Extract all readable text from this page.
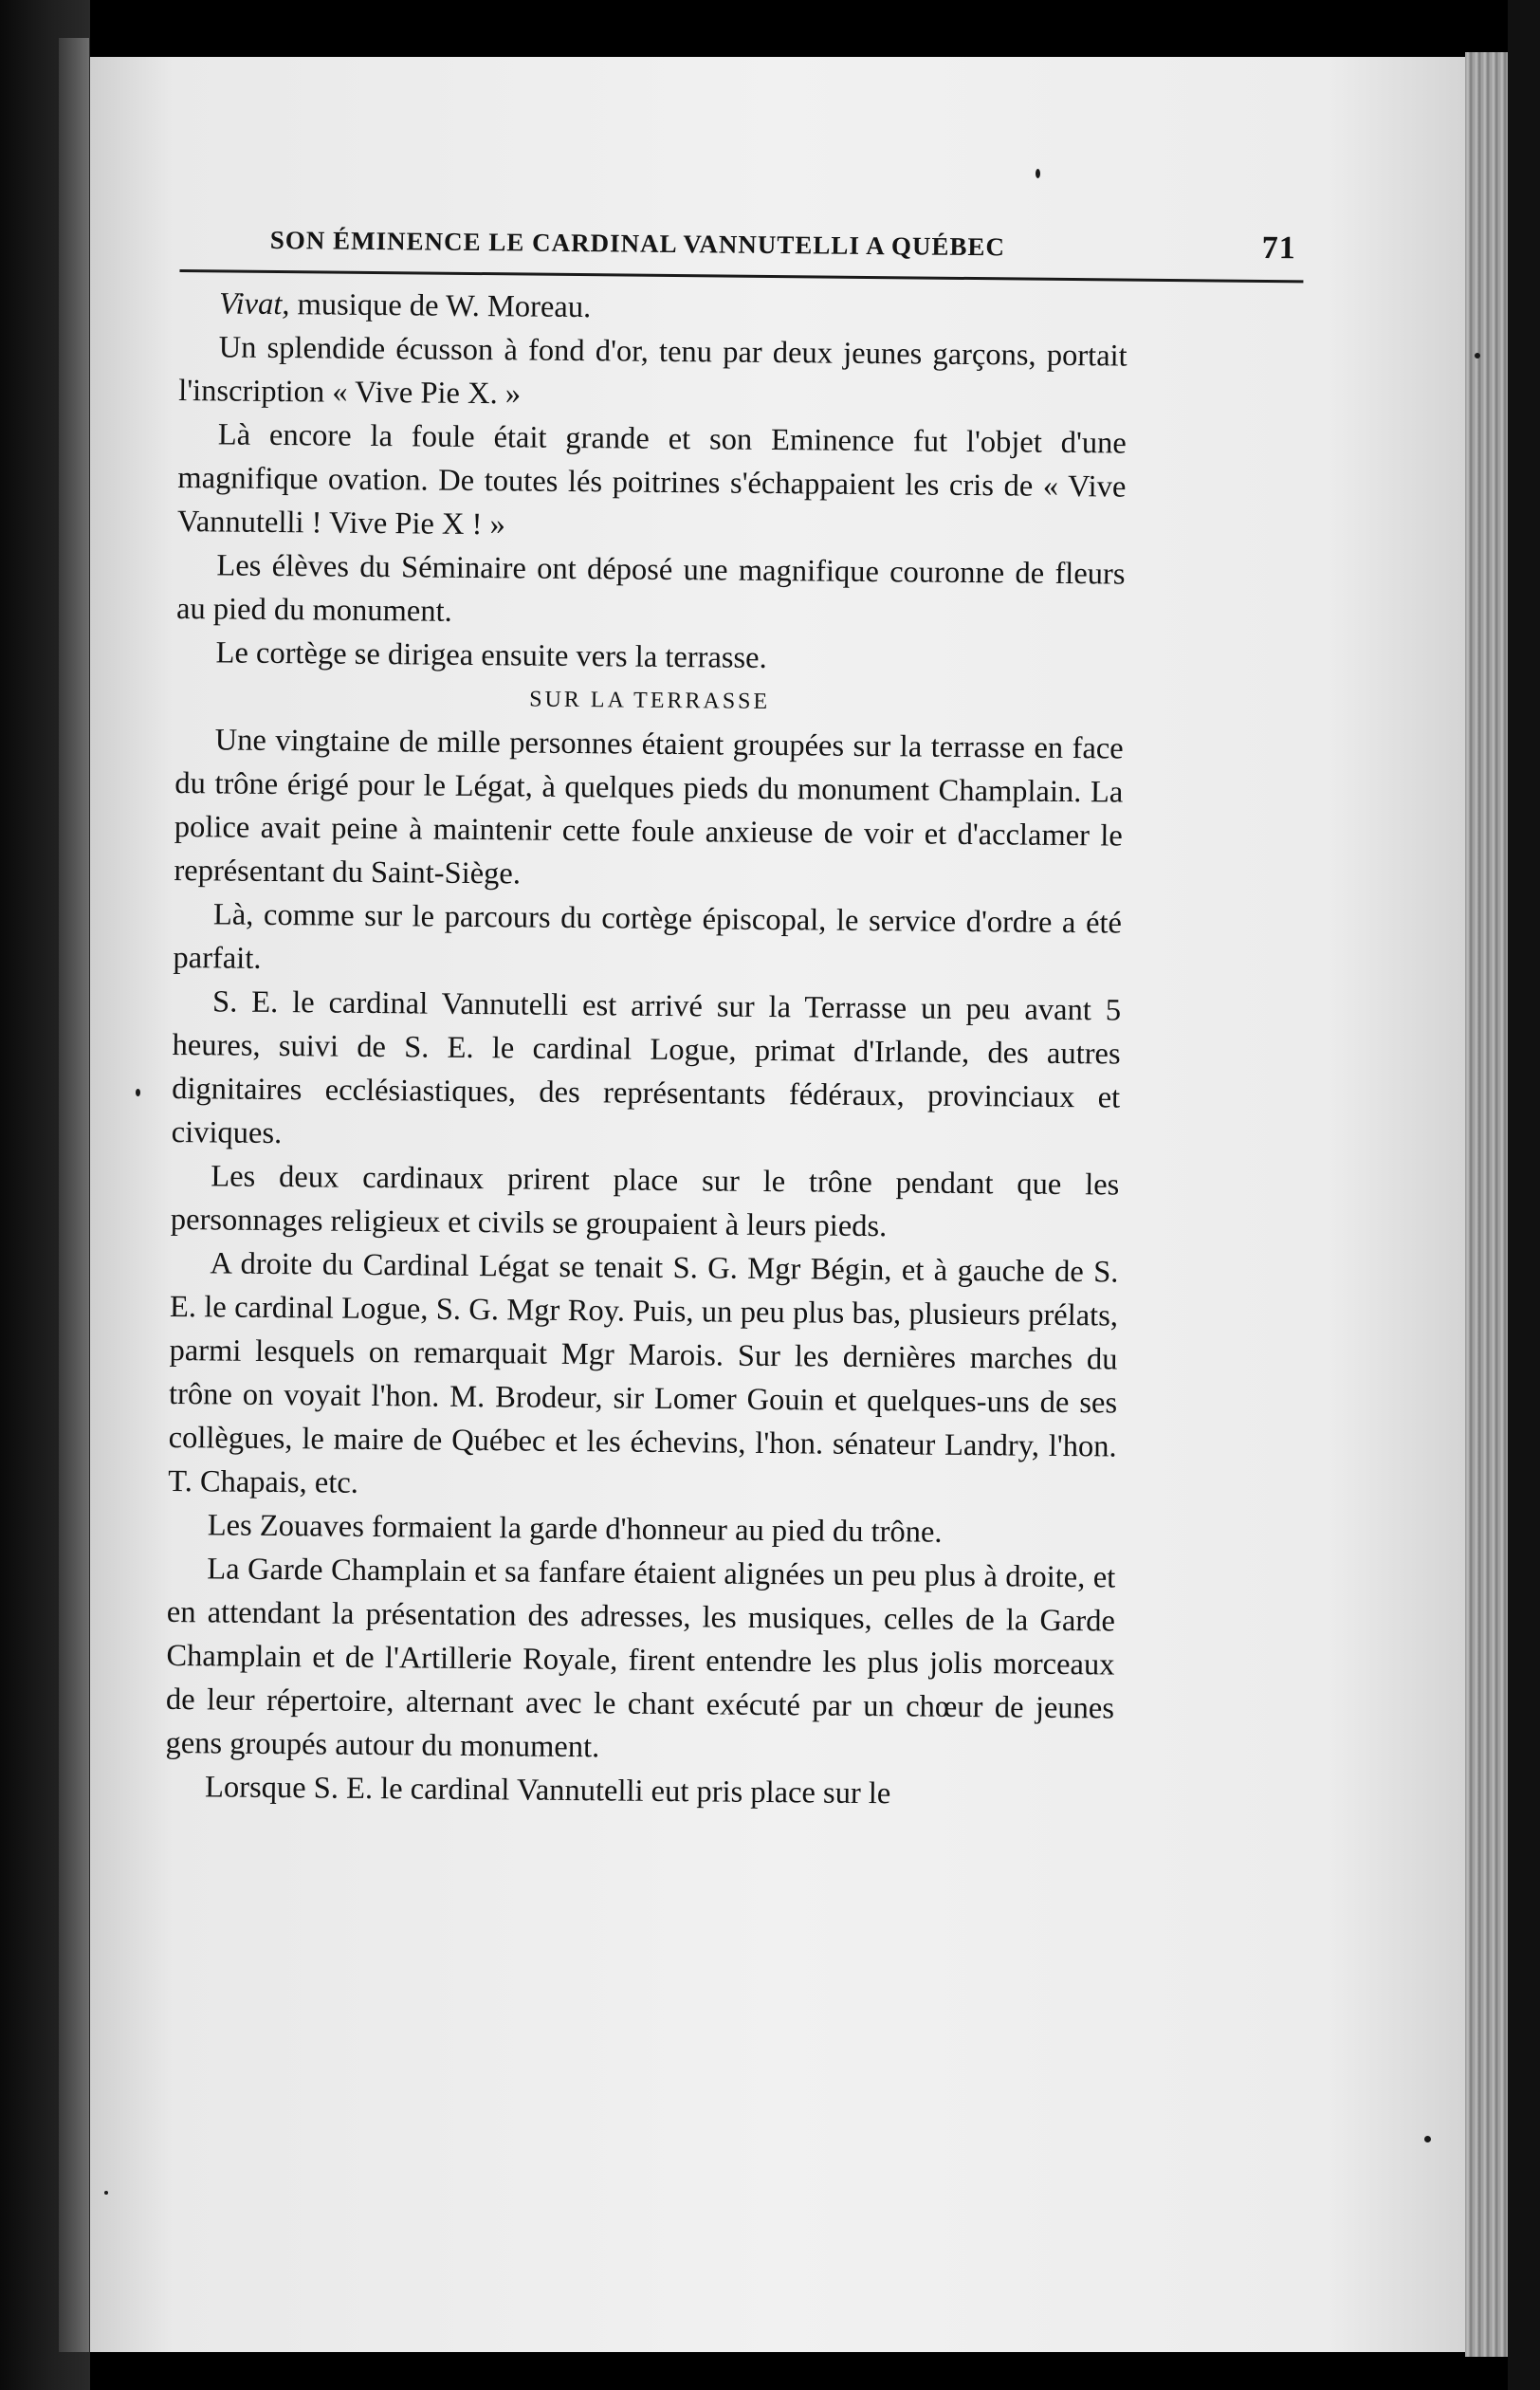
SON ÉMINENCE LE CARDINAL VANNUTELLI A QUÉBEC	71

Vivat, musique de W. Moreau.

Un splendide écusson à fond d'or, tenu par deux jeunes garçons, portait l'inscription « Vive Pie X. »

Là encore la foule était grande et son Eminence fut l'objet d'une magnifique ovation. De toutes lés poitrines s'échappaient les cris de « Vive Vannutelli ! Vive Pie X ! »

Les élèves du Séminaire ont déposé une magnifique couronne de fleurs au pied du monument.

Le cortège se dirigea ensuite vers la terrasse.

SUR LA TERRASSE

Une vingtaine de mille personnes étaient groupées sur la terrasse en face du trône érigé pour le Légat, à quelques pieds du monument Champlain. La police avait peine à maintenir cette foule anxieuse de voir et d'acclamer le représentant du Saint-Siège.

Là, comme sur le parcours du cortège épiscopal, le service d'ordre a été parfait.

S. E. le cardinal Vannutelli est arrivé sur la Terrasse un peu avant 5 heures, suivi de S. E. le cardinal Logue, primat d'Irlande, des autres dignitaires ecclésiastiques, des représentants fédéraux, provinciaux et civiques.

Les deux cardinaux prirent place sur le trône pendant que les personnages religieux et civils se groupaient à leurs pieds.

A droite du Cardinal Légat se tenait S. G. Mgr Bégin, et à gauche de S. E. le cardinal Logue, S. G. Mgr Roy. Puis, un peu plus bas, plusieurs prélats, parmi lesquels on remarquait Mgr Marois. Sur les dernières marches du trône on voyait l'hon. M. Brodeur, sir Lomer Gouin et quelques-uns de ses collègues, le maire de Québec et les échevins, l'hon. sénateur Landry, l'hon. T. Chapais, etc.

Les Zouaves formaient la garde d'honneur au pied du trône.

La Garde Champlain et sa fanfare étaient alignées un peu plus à droite, et en attendant la présentation des adresses, les musiques, celles de la Garde Champlain et de l'Artillerie Royale, firent entendre les plus jolis morceaux de leur répertoire, alternant avec le chant exécuté par un chœur de jeunes gens groupés autour du monument.

Lorsque S. E. le cardinal Vannutelli eut pris place sur le
